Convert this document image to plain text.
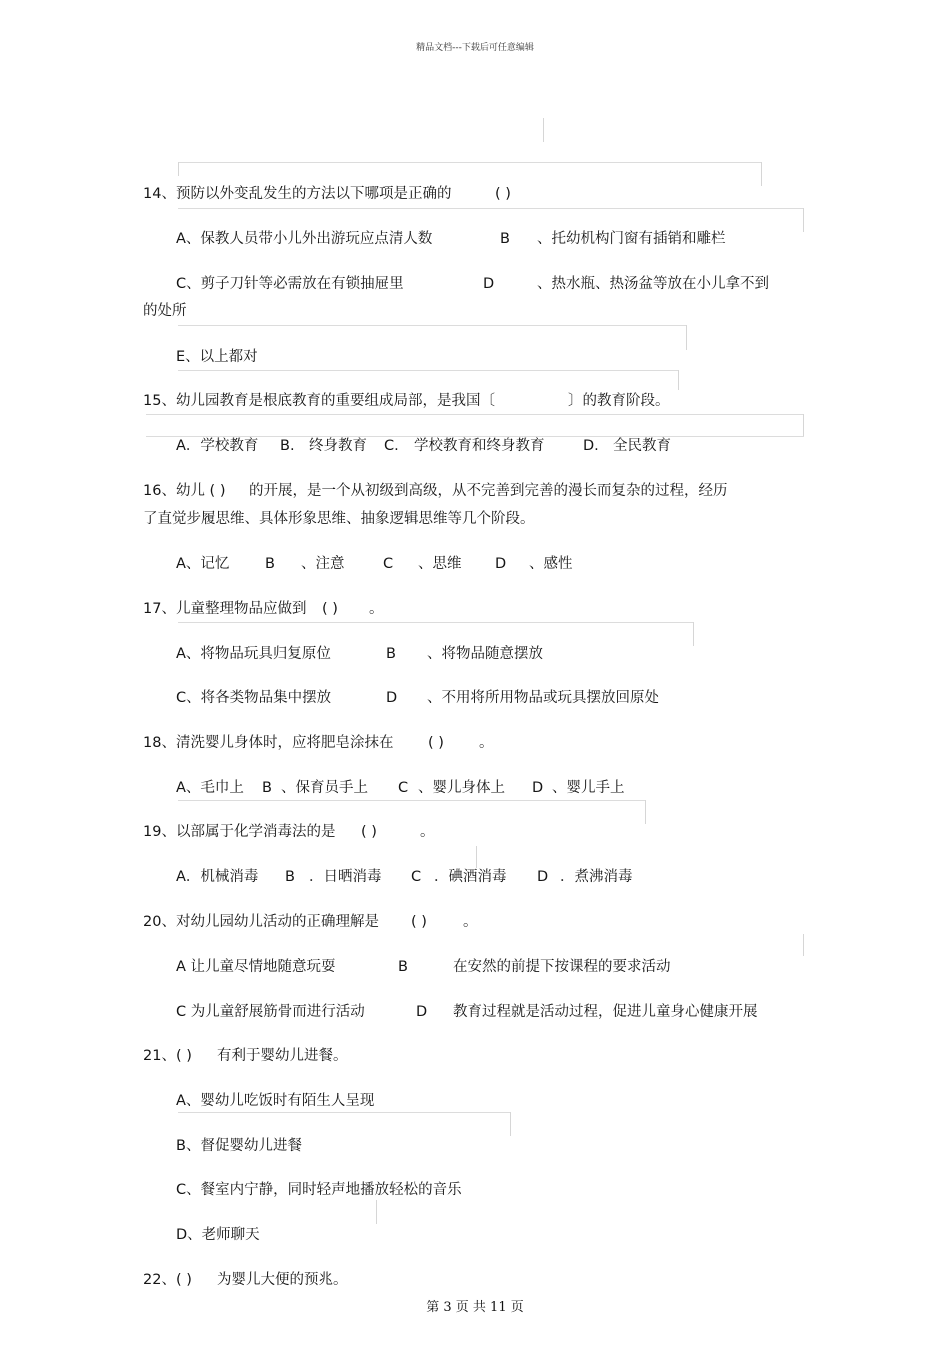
精品文档---下载后可任意编辑
14、预防以外变乱发生的方法以下哪项是正确的	( )
A、保教人员带小儿外出游玩应点清人数	B 、托幼机构门窗有插销和雕栏
C、剪子刀针等必需放在有锁抽屉里	D	、热水瓶、热汤盆等放在小儿拿不到
的处所
E、以上都对
15、幼儿园教育是根底教育的重要组成局部，是我国〔	〕的教育阶段。
A．学校教育 B. 终身教育 C. 学校教育和终身教育	D. 全民教育
16、幼儿 ( ) 的开展，是一个从初级到高级，从不完善到完善的漫长而复杂的过程，经历
了直觉步履思维、具体形象思维、抽象逻辑思维等几个阶段。
A、记忆 B 、注意	C 、思维 D 、感性
17、儿童整理物品应做到 ( ) 。
A、将物品玩具归复原位	B 、将物品随意摆放
C、将各类物品集中摆放	D 、不用将所用物品或玩具摆放回原处
18、清洗婴儿身体时，应将肥皂涂抹在 ( ) 。
A、毛巾上 B 、保育员手上 C 、婴儿身体上 D 、婴儿手上
19、以部属于化学消毒法的是 ( )	。
A．机械消毒 B ．日晒消毒 C ．碘酒消毒 D ．煮沸消毒
20、对幼儿园幼儿活动的正确理解是 ( ) 。
A 让儿童尽情地随意玩耍	B	在安然的前提下按课程的要求活动
C 为儿童舒展筋骨而进行活动	D 教育过程就是活动过程，促进儿童身心健康开展
21、 ( ) 有利于婴幼儿进餐。
A、婴幼儿吃饭时有陌生人呈现
B、督促婴幼儿进餐
C、餐室内宁静，同时轻声地播放轻松的音乐
D、老师聊天
22、 ( ) 为婴儿大便的预兆。
第 3 页 共 11 页
